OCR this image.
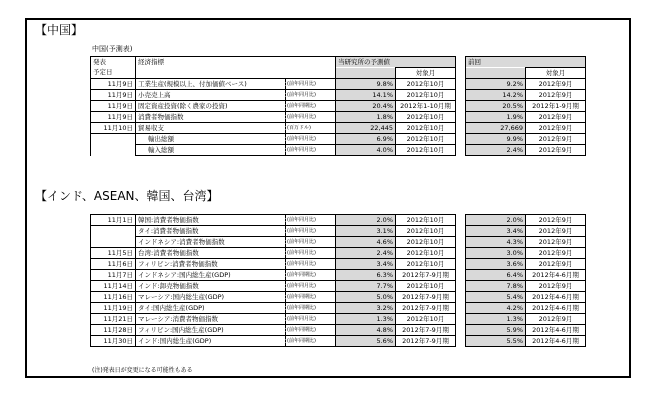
【中国】
中国(予測表)
発表	経済指標		当研究所の予測値			前回	
予定日				対象月			対象月
11月9日	工業生産(規模以上、付加価値ベース)	(前年同月比)	9.8%	2012年10月		9.2%	2012年9月
11月9日	小売売上高	(前年同月比)	14.1%	2012年10月		14.2%	2012年9月
11月9日	固定資産投資(除く農家の投資)	(前年同期比)	20.4%	2012年1-10月期		20.5%	2012年1-9月期
11月9日	消費者物価指数	(前年同月比)	1.8%	2012年10月		1.9%	2012年9月
11月10日	貿易収支	(百万ドル)	22,445	2012年10月		27,669	2012年9月
	輸出総額	(前年同月比)	6.9%	2012年10月		9.9%	2012年9月
	輸入総額	(前年同月比)	4.0%	2012年10月		2.4%	2012年9月
【インド、ASEAN、韓国、台湾】
11月1日	韓国:消費者物価指数	(前年同月比)	2.0%	2012年10月		2.0%	2012年9月
	タイ:消費者物価指数	(前年同月比)	3.1%	2012年10月		3.4%	2012年9月
	インドネシア:消費者物価指数	(前年同月比)	4.6%	2012年10月		4.3%	2012年9月
11月5日	台湾:消費者物価指数	(前年同月比)	2.4%	2012年10月		3.0%	2012年9月
11月6日	フィリピン:消費者物価指数	(前年同月比)	3.4%	2012年10月		3.6%	2012年9月
11月7日	インドネシア:国内総生産(GDP)	(前年同期比)	6.3%	2012年7-9月期		6.4%	2012年4-6月期
11月14日	インド:卸売物価指数	(前年同月比)	7.7%	2012年10月		7.8%	2012年9月
11月16日	マレーシア:国内総生産(GDP)	(前年同期比)	5.0%	2012年7-9月期		5.4%	2012年4-6月期
11月19日	タイ:国内総生産(GDP)	(前年同期比)	3.2%	2012年7-9月期		4.2%	2012年4-6月期
11月21日	マレーシア:消費者物価指数	(前年同月比)	1.3%	2012年10月		1.3%	2012年9月
11月28日	フィリピン:国内総生産(GDP)	(前年同期比)	4.8%	2012年7-9月期		5.9%	2012年4-6月期
11月30日	インド:国内総生産(GDP)	(前年同期比)	5.6%	2012年7-9月期		5.5%	2012年4-6月期
(注)発表日が変更になる可能性もある
